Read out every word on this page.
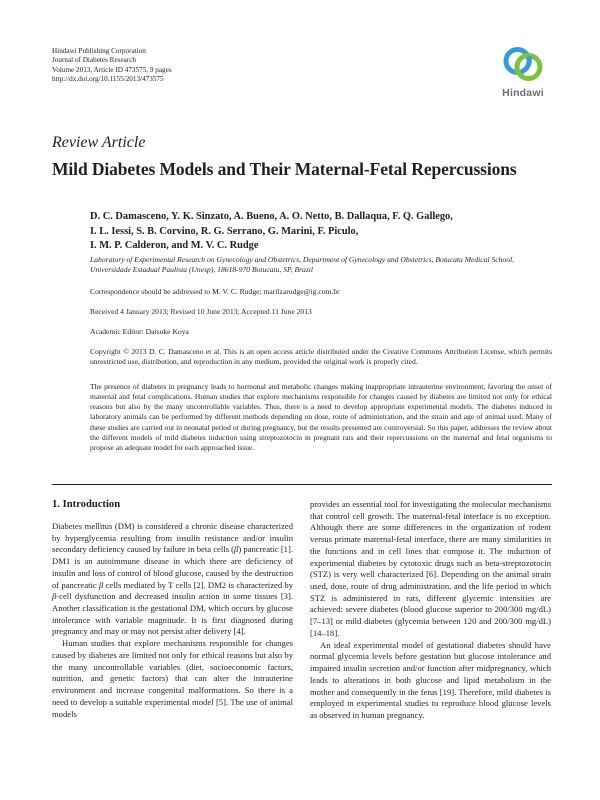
Hindawi Publishing Corporation
Journal of Diabetes Research
Volume 2013, Article ID 473575, 9 pages
http://dx.doi.org/10.1155/2013/473575
Hindawi
Review Article
Mild Diabetes Models and Their Maternal-Fetal Repercussions
D. C. Damasceno, Y. K. Sinzato, A. Bueno, A. O. Netto, B. Dallaqua, F. Q. Gallego,
I. L. Iessi, S. B. Corvino, R. G. Serrano, G. Marini, F. Piculo,
I. M. P. Calderon, and M. V. C. Rudge
Laboratory of Experimental Research on Gynecology and Obstetrics, Department of Gynecology and Obstetrics, Botucatu Medical School, Universidade Estadual Paulista (Unesp), 18618-970 Botucatu, SP, Brazil
Correspondence should be addressed to M. V. C. Rudge; marilzarudge@ig.com.br
Received 4 January 2013; Revised 10 June 2013; Accepted 11 June 2013
Academic Editor: Daisuke Koya
Copyright © 2013 D. C. Damasceno et al. This is an open access article distributed under the Creative Commons Attribution License, which permits unrestricted use, distribution, and reproduction in any medium, provided the original work is properly cited.
The presence of diabetes in pregnancy leads to hormonal and metabolic changes making inappropriate intrauterine environment, favoring the onset of maternal and fetal complications. Human studies that explore mechanisms responsible for changes caused by diabetes are limited not only for ethical reasons but also by the many uncontrollable variables. Thus, there is a need to develop appropriate experimental models. The diabetes induced in laboratory animals can be performed by different methods depending on dose, route of administration, and the strain and age of animal used. Many of these studies are carried out in neonatal period or during pregnancy, but the results presented are controversial. So this paper, addresses the review about the different models of mild diabetes induction using streptozotocin in pregnant rats and their repercussions on the maternal and fetal organisms to propose an adequate model for each approached issue.
1. Introduction

Diabetes mellitus (DM) is considered a chronic disease characterized by hyperglycemia resulting from insulin resistance and/or insulin secondary deficiency caused by failure in beta cells (β) pancreatic [1]. DM1 is an autoimmune disease in which there are deficiency of insulin and loss of control of blood glucose, caused by the destruction of pancreatic β cells mediated by T cells [2]. DM2 is characterized by β-cell dysfunction and decreased insulin action in some tissues [3]. Another classification is the gestational DM, which occurs by glucose intolerance with variable magnitude. It is first diagnosed during pregnancy and may or may not persist after delivery [4].

Human studies that explore mechanisms responsible for changes caused by diabetes are limited not only for ethical reasons but also by the many uncontrollable variables (diet, socioeconomic factors, nutrition, and genetic factors) that can alter the intrauterine environment and increase congenital malformations. So there is a need to develop a suitable experimental model [5]. The use of animal models

provides an essential tool for investigating the molecular mechanisms that control cell growth. The maternal-fetal interface is no exception. Although there are some differences in the organization of rodent versus primate maternal-fetal interface, there are many similarities in the functions and in cell lines that compose it. The induction of experimental diabetes by cytotoxic drugs such as beta-streptozotocin (STZ) is very well characterized [6]. Depending on the animal strain used, dose, route of drug administration, and the life period in which STZ is administered in rats, different glycemic intensities are achieved: severe diabetes (blood glucose superior to 200/300 mg/dL) [7–13] or mild diabetes (glycemia between 120 and 200/300 mg/dL) [14–18].

An ideal experimental model of gestational diabetes should have normal glycemia levels before gestation but glucose intolerance and impaired insulin secretion and/or function after midpregnancy, which leads to alterations in both glucose and lipid metabolism in the mother and consequently in the fetus [19]. Therefore, mild diabetes is employed in experimental studies to reproduce blood glucose levels as observed in human pregnancy.
